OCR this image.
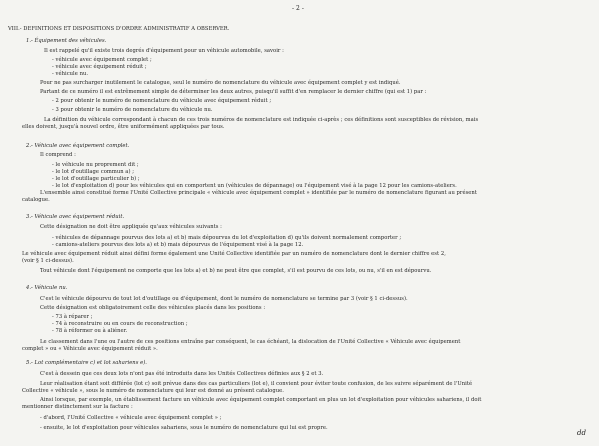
- 2 -
VIII.- DEFINITIONS ET DISPOSITIONS D'ORDRE ADMINISTRATIF A OBSERVER.
1.- Équipement des véhicules.
Il est rappelé qu'il existe trois degrés d'équipement pour un véhicule automobile, savoir :
- véhicule avec équipement complet ;
- véhicule avec équipement réduit ;
- véhicule nu.
Pour ne pas surcharger inutilement le catalogue, seul le numéro de nomenclature du véhicule avec équipement complet y est indiqué.
Partant de ce numéro il est extrêmement simple de déterminer les deux autres, puisqu'il suffit d'en remplacer le dernier chiffre (qui est 1) par :
- 2 pour obtenir le numéro de nomenclature du véhicule avec équipement réduit ;
- 3 pour obtenir le numéro de nomenclature du véhicule nu.
La définition du véhicule correspondant à chacun de ces trois numéros de nomenclature est indiquée ci-après ; ces définitions sont susceptibles de révision, mais
elles doivent, jusqu'à nouvel ordre, être uniformément appliquées par tous.
2.- Véhicule avec équipement complet.
Il comprend :
- le véhicule nu proprement dit ;
- le lot d'outillage commun a) ;
- le lot d'outillage particulier b) ;
- le lot d'exploitation d) pour les véhicules qui en comportent un (véhicules de dépannage) ou l'équipement visé à la page 12 pour les camions-ateliers.
L'ensemble ainsi constitué forme l'Unité Collective principale « véhicule avec équipement complet » identifiée par le numéro de nomenclature figurant au présent
catalogue.
3.- Véhicule avec équipement réduit.
Cette désignation ne doit être appliquée qu'aux véhicules suivants :
- véhicules de dépannage pourvus des lots a) et b) mais dépourvus du lot d'exploitation d) qu'ils doivent normalement comporter ;
- camions-ateliers pourvus des lots a) et b) mais dépourvus de l'équipement visé à la page 12.
Le véhicule avec équipement réduit ainsi défini forme également une Unité Collective identifiée par un numéro de nomenclature dont le dernier chiffre est 2,
(voir § 1 ci-dessus).
Tout véhicule dont l'équipement ne comporte que les lots a) et b) ne peut être que complet, s'il est pourvu de ces lots, ou nu, s'il en est dépourvu.
4.- Véhicule nu.
C'est le véhicule dépourvu de tout lot d'outillage ou d'équipement, dont le numéro de nomenclature se termine par 3 (voir § 1 ci-dessus).
Cette désignation est obligatoirement celle des véhicules placés dans les positions :
- 73 à réparer ;
- 74 à reconstruire ou en cours de reconstruction ;
- 78 à réformer ou à aliéner.
Le classement dans l'une ou l'autre de ces positions entraîne par conséquent, le cas échéant, la dislocation de l'Unité Collective « Véhicule avec équipement
complet » ou « Véhicule avec équipement réduit ».
5.- Lot complémentaire c) et lot sahariens e).
C'est à dessein que ces deux lots n'ont pas été introduits dans les Unités Collectives définies aux § 2 et 3.
Leur réalisation étant soit différée (lot c) soit prévue dans des cas particuliers (lot e), il convient pour éviter toute confusion, de les suivre séparément de l'Unité
Collective « véhicule », sous le numéro de nomenclature qui leur est donné au présent catalogue.
Ainsi lorsque, par exemple, un établissement facture un véhicule avec équipement complet comportant en plus un lot d'exploitation pour véhicules sahariens, il doit
mentionner distinctement sur la facture :
- d'abord, l'Unité Collective « véhicule avec équipement complet » ;
- ensuite, le lot d'exploitation pour véhicules sahariens, sous le numéro de nomenclature qui lui est propre.
dd
